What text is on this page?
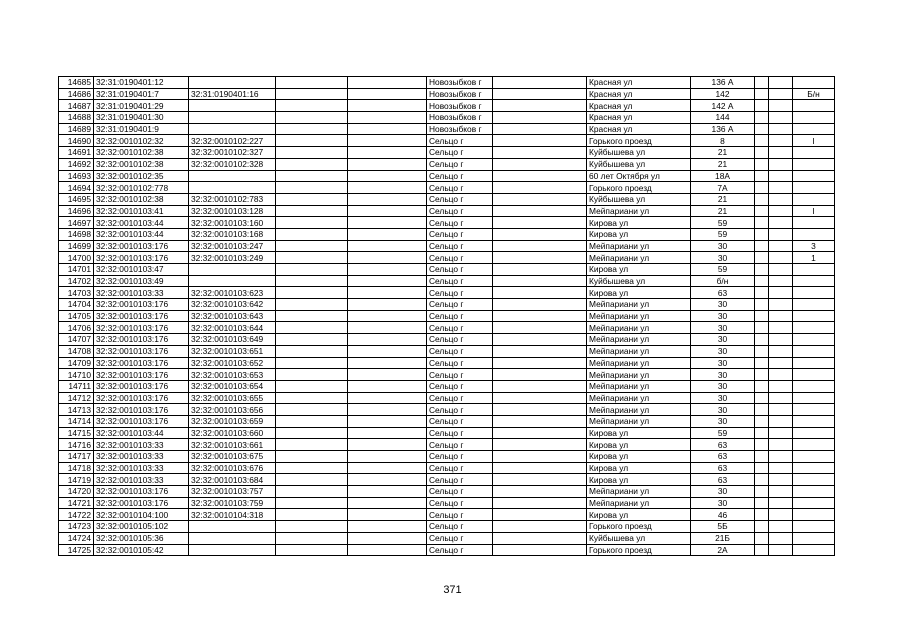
14685	32:31:0190401:12				Новозыбков г		Красная ул	136 А			
14686	32:31:0190401:7	32:31:0190401:16			Новозыбков г		Красная ул	142			Б/н
14687	32:31:0190401:29				Новозыбков г		Красная ул	142 А			
14688	32:31:0190401:30				Новозыбков г		Красная ул	144			
14689	32:31:0190401:9				Новозыбков г		Красная ул	136 А			
14690	32:32:0010102:32	32:32:0010102:227			Сельцо г		Горького проезд	8			I
14691	32:32:0010102:38	32:32:0010102:327			Сельцо г		Куйбышева ул	21			
14692	32:32:0010102:38	32:32:0010102:328			Сельцо г		Куйбышева ул	21			
14693	32:32:0010102:35				Сельцо г		60 лет Октября ул	18А			
14694	32:32:0010102:778				Сельцо г		Горького проезд	7А			
14695	32:32:0010102:38	32:32:0010102:783			Сельцо г		Куйбышева ул	21			
14696	32:32:0010103:41	32:32:0010103:128			Сельцо г		Мейпариани ул	21			I
14697	32:32:0010103:44	32:32:0010103:160			Сельцо г		Кирова ул	59			
14698	32:32:0010103:44	32:32:0010103:168			Сельцо г		Кирова ул	59			
14699	32:32:0010103:176	32:32:0010103:247			Сельцо г		Мейпариани ул	30			3
14700	32:32:0010103:176	32:32:0010103:249			Сельцо г		Мейпариани ул	30			1
14701	32:32:0010103:47				Сельцо г		Кирова ул	59			
14702	32:32:0010103:49				Сельцо г		Куйбышева ул	б/н			
14703	32:32:0010103:33	32:32:0010103:623			Сельцо г		Кирова ул	63			
14704	32:32:0010103:176	32:32:0010103:642			Сельцо г		Мейпариани ул	30			
14705	32:32:0010103:176	32:32:0010103:643			Сельцо г		Мейпариани ул	30			
14706	32:32:0010103:176	32:32:0010103:644			Сельцо г		Мейпариани ул	30			
14707	32:32:0010103:176	32:32:0010103:649			Сельцо г		Мейпариани ул	30			
14708	32:32:0010103:176	32:32:0010103:651			Сельцо г		Мейпариани ул	30			
14709	32:32:0010103:176	32:32:0010103:652			Сельцо г		Мейпариани ул	30			
14710	32:32:0010103:176	32:32:0010103:653			Сельцо г		Мейпариани ул	30			
14711	32:32:0010103:176	32:32:0010103:654			Сельцо г		Мейпариани ул	30			
14712	32:32:0010103:176	32:32:0010103:655			Сельцо г		Мейпариани ул	30			
14713	32:32:0010103:176	32:32:0010103:656			Сельцо г		Мейпариани ул	30			
14714	32:32:0010103:176	32:32:0010103:659			Сельцо г		Мейпариани ул	30			
14715	32:32:0010103:44	32:32:0010103:660			Сельцо г		Кирова ул	59			
14716	32:32:0010103:33	32:32:0010103:661			Сельцо г		Кирова ул	63			
14717	32:32:0010103:33	32:32:0010103:675			Сельцо г		Кирова ул	63			
14718	32:32:0010103:33	32:32:0010103:676			Сельцо г		Кирова ул	63			
14719	32:32:0010103:33	32:32:0010103:684			Сельцо г		Кирова ул	63			
14720	32:32:0010103:176	32:32:0010103:757			Сельцо г		Мейпариани ул	30			
14721	32:32:0010103:176	32:32:0010103:759			Сельцо г		Мейпариани ул	30			
14722	32:32:0010104:100	32:32:0010104:318			Сельцо г		Кирова ул	46			
14723	32:32:0010105:102				Сельцо г		Горького проезд	5Б			
14724	32:32:0010105:36				Сельцо г		Куйбышева ул	21Б			
14725	32:32:0010105:42				Сельцо г		Горького проезд	2А			
371
